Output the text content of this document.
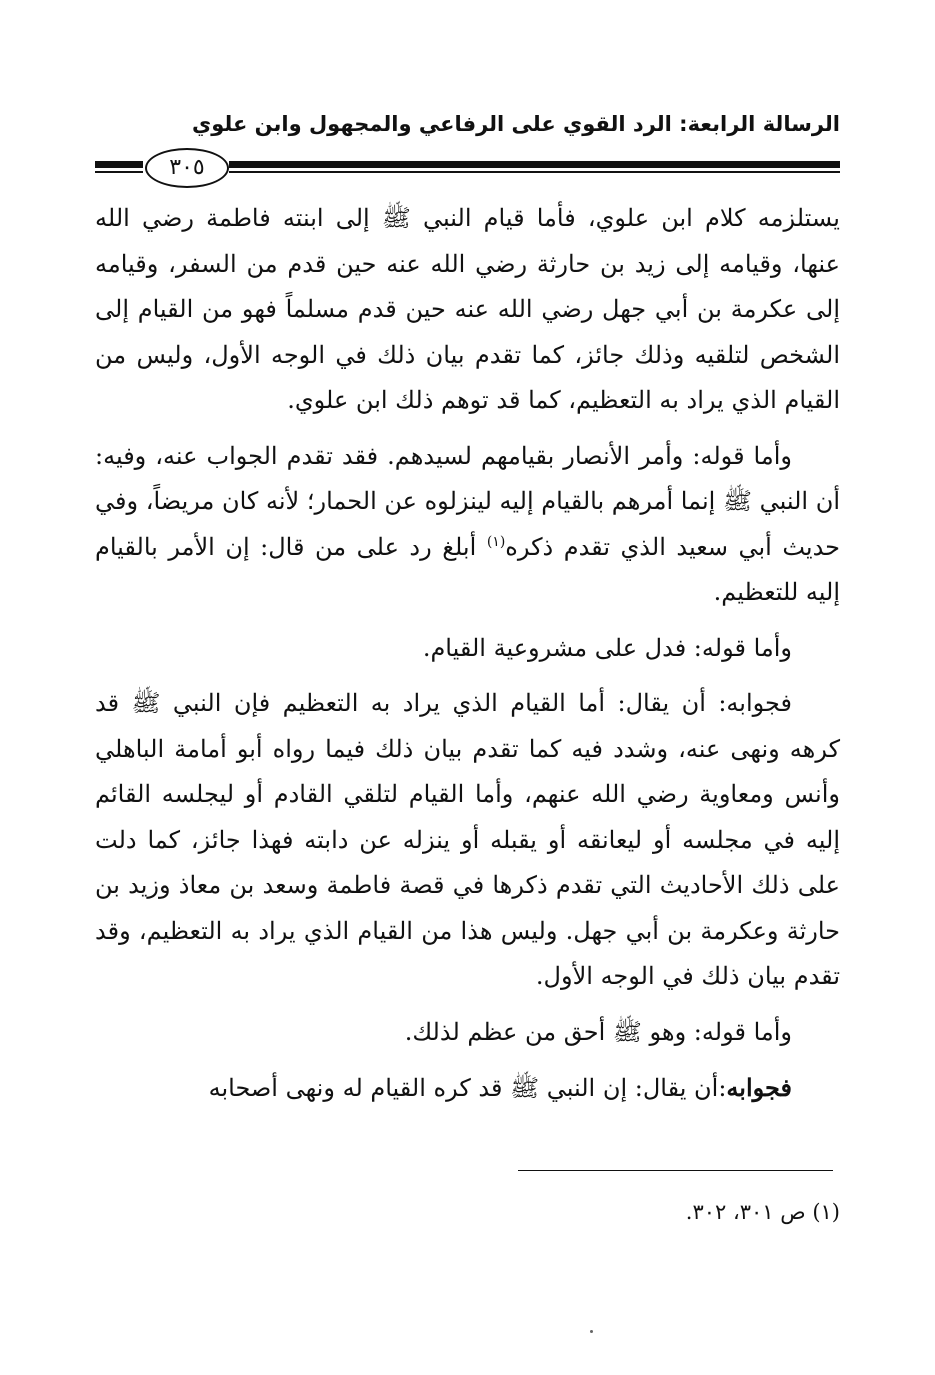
الرسالة الرابعة: الرد القوي على الرفاعي والمجهول وابن علوي
٣٠٥

يستلزمه كلام ابن علوي، فأما قيام النبي ﷺ إلى ابنته فاطمة رضي الله عنها، وقيامه إلى زيد بن حارثة رضي الله عنه حين قدم من السفر، وقيامه إلى عكرمة بن أبي جهل رضي الله عنه حين قدم مسلماً فهو من القيام إلى الشخص لتلقيه وذلك جائز، كما تقدم بيان ذلك في الوجه الأول، وليس من القيام الذي يراد به التعظيم، كما قد توهم ذلك ابن علوي.

وأما قوله: وأمر الأنصار بقيامهم لسيدهم. فقد تقدم الجواب عنه، وفيه: أن النبي ﷺ إنما أمرهم بالقيام إليه لينزلوه عن الحمار؛ لأنه كان مريضاً، وفي حديث أبي سعيد الذي تقدم ذكره$^{(١)}$ أبلغ رد على من قال: إن الأمر بالقيام إليه للتعظيم.

وأما قوله: فدل على مشروعية القيام.

فجوابه: أن يقال: أما القيام الذي يراد به التعظيم فإن النبي ﷺ قد كرهه ونهى عنه، وشدد فيه كما تقدم بيان ذلك فيما رواه أبو أمامة الباهلي وأنس ومعاوية رضي الله عنهم، وأما القيام لتلقي القادم أو ليجلسه القائم إليه في مجلسه أو ليعانقه أو يقبله أو ينزله عن دابته فهذا جائز، كما دلت على ذلك الأحاديث التي تقدم ذكرها في قصة فاطمة وسعد بن معاذ وزيد بن حارثة وعكرمة بن أبي جهل. وليس هذا من القيام الذي يراد به التعظيم، وقد تقدم بيان ذلك في الوجه الأول.

وأما قوله: وهو ﷺ أحق من عظم لذلك.

فجوابه:أن يقال: إن النبي ﷺ قد كره القيام له ونهى أصحابه

(١) ص ٣٠١، ٣٠٢.
